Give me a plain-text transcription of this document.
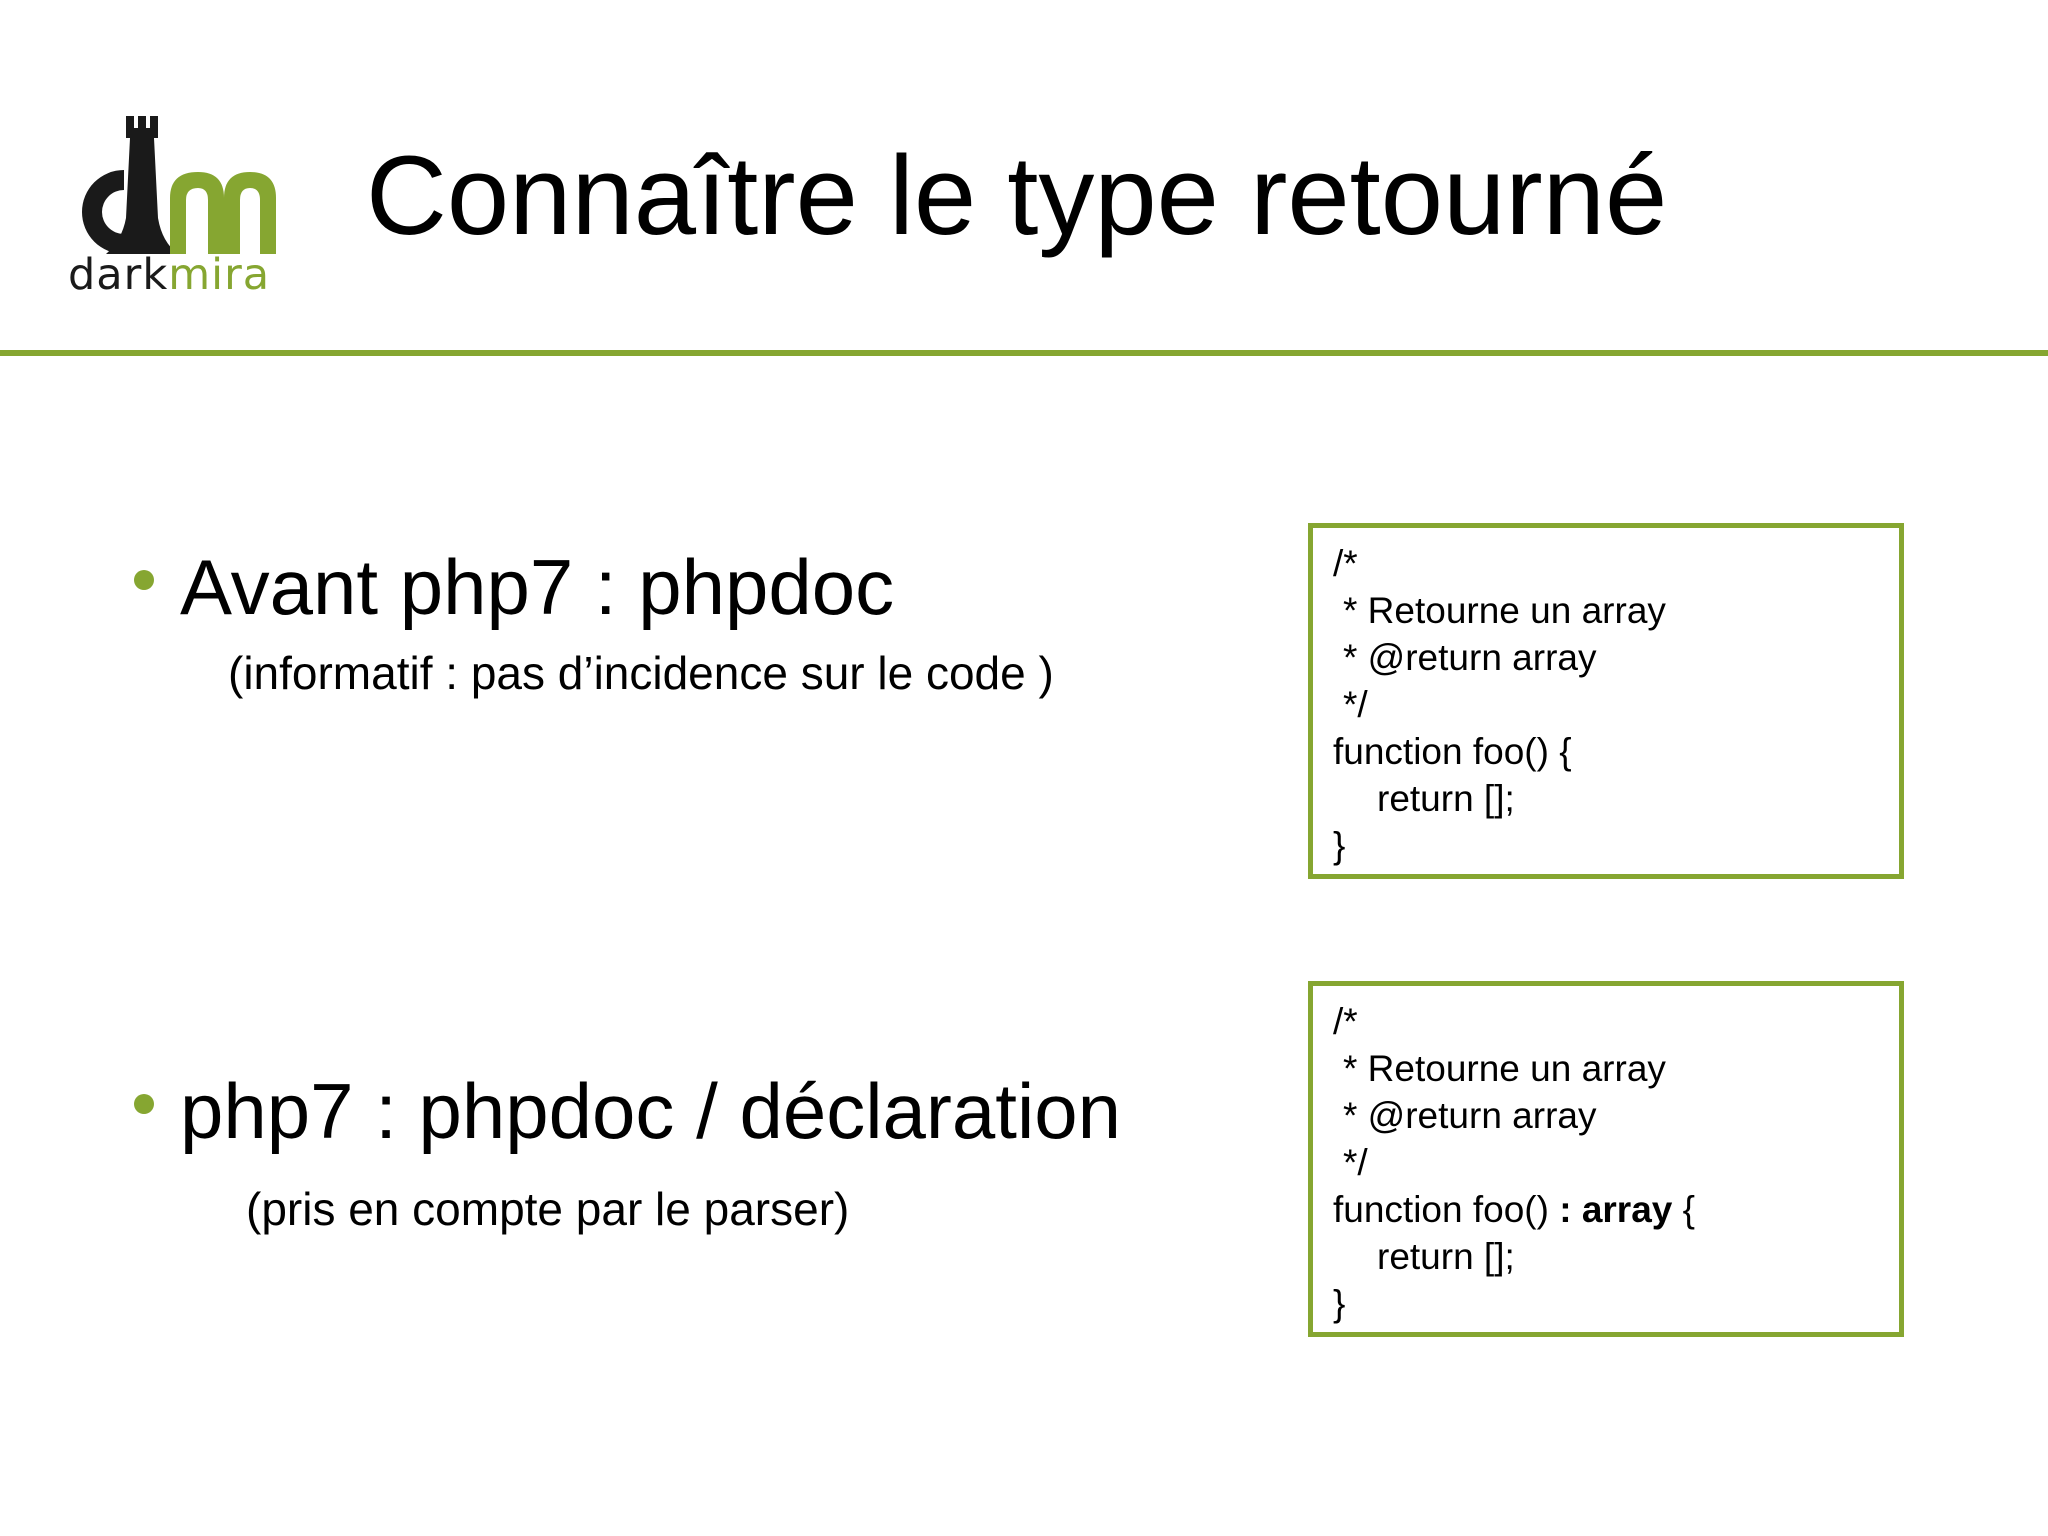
darkmira
Connaître le type retourné
Avant php7 : phpdoc
(informatif : pas d’incidence sur le code )
php7 : phpdoc / déclaration
(pris en compte par le parser)
/*
* Retourne un array
* @return array
*/
function foo() {
return [];
}
/*
* Retourne un array
* @return array
*/
function foo() : array {
return [];
}
